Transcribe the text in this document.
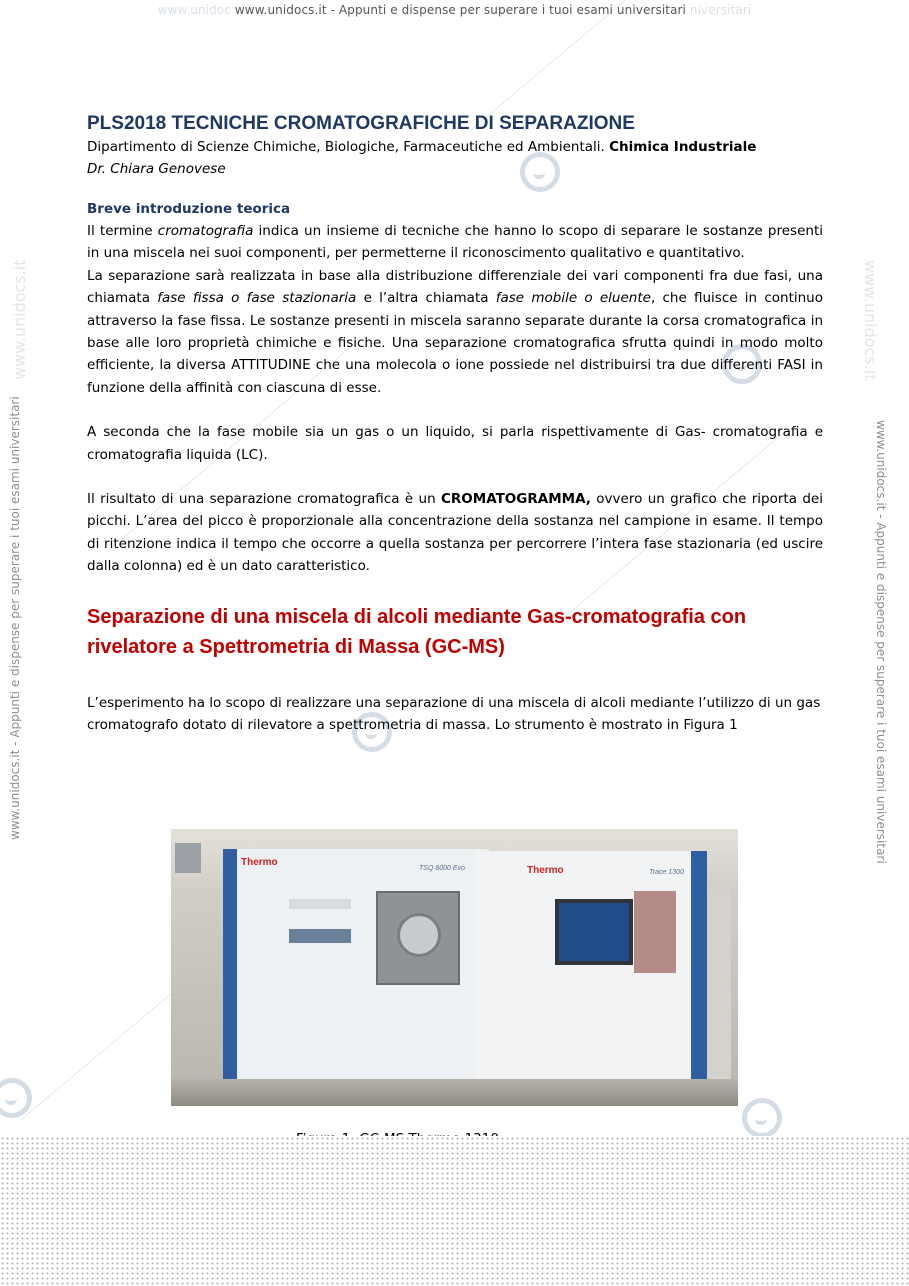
www.unidoc www.unidocs.it - Appunti e dispense per superare i tuoi esami universitari niversitari
www.unidocs.it	www.unidocs.it
www.unidocs.it - Appunti e dispense per superare i tuoi esami universitari	www.unidocs.it - Appunti e dispense per superare i tuoi esami universitari
PLS2018 TECNICHE CROMATOGRAFICHE DI SEPARAZIONE

Dipartimento di Scienze Chimiche, Biologiche, Farmaceutiche ed Ambientali. Chimica Industriale

Dr. Chiara Genovese

Breve introduzione teorica

Il termine cromatografia indica un insieme di tecniche che hanno lo scopo di separare le sostanze presenti in una miscela nei suoi componenti, per permetterne il riconoscimento qualitativo e quantitativo.

La separazione sarà realizzata in base alla distribuzione differenziale dei vari componenti fra due fasi, una chiamata fase fissa o fase stazionaria e l’altra chiamata fase mobile o eluente, che fluisce in continuo attraverso la fase fissa. Le sostanze presenti in miscela saranno separate durante la corsa cromatografica in base alle loro proprietà chimiche e fisiche. Una separazione cromatografica sfrutta quindi in modo molto efficiente, la diversa ATTITUDINE che una molecola o ione possiede nel distribuirsi tra due differenti FASI in funzione della affinità con ciascuna di esse.

A seconda che la fase mobile sia un gas o un liquido, si parla rispettivamente di Gas- cromatografia e cromatografia liquida (LC).

Il risultato di una separazione cromatografica è un CROMATOGRAMMA, ovvero un grafico che riporta dei picchi. L’area del picco è proporzionale alla concentrazione della sostanza nel campione in esame. Il tempo di ritenzione indica il tempo che occorre a quella sostanza per percorrere l’intera fase stazionaria (ed uscire dalla colonna) ed è un dato caratteristico.

Separazione di una miscela di alcoli mediante Gas-cromatografia con rivelatore a Spettrometria di Massa (GC-MS)

L’esperimento ha lo scopo di realizzare una separazione di una miscela di alcoli mediante l’utilizzo di un gas cromatografo dotato di rilevatore a spettrometria di massa. Lo strumento è mostrato in Figura 1

Thermo
Thermo
TSQ 8000 Evo
Trace 1300
